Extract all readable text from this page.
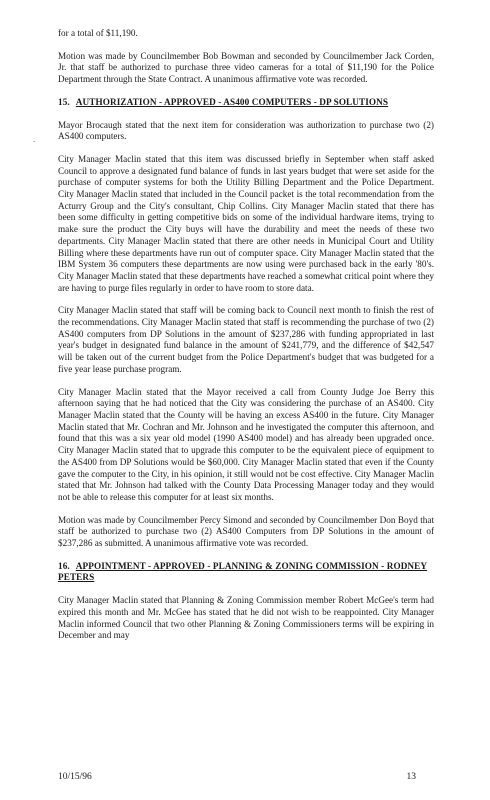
.

for a total of $11,190.

Motion was made by Councilmember Bob Bowman and seconded by Councilmember Jack Corden, Jr. that staff be authorized to purchase three video cameras for a total of $11,190 for the Police Department through the State Contract. A unanimous affirmative vote was recorded.

15. AUTHORIZATION - APPROVED - AS400 COMPUTERS - DP SOLUTIONS

Mayor Brocaugh stated that the next item for consideration was authorization to purchase two (2) AS400 computers.

City Manager Maclin stated that this item was discussed briefly in September when staff asked Council to approve a designated fund balance of funds in last years budget that were set aside for the purchase of computer systems for both the Utility Billing Department and the Police Department. City Manager Maclin stated that included in the Council packet is the total recommendation from the Acturry Group and the City's consultant, Chip Collins. City Manager Maclin stated that there has been some difficulty in getting competitive bids on some of the individual hardware items, trying to make sure the product the City buys will have the durability and meet the needs of these two departments. City Manager Maclin stated that there are other needs in Municipal Court and Utility Billing where these departments have run out of computer space. City Manager Maclin stated that the IBM System 36 computers these departments are now using were purchased back in the early '80's. City Manager Maclin stated that these departments have reached a somewhat critical point where they are having to purge files regularly in order to have room to store data.

City Manager Maclin stated that staff will be coming back to Council next month to finish the rest of the recommendations. City Manager Maclin stated that staff is recommending the purchase of two (2) AS400 computers from DP Solutions in the amount of $237,286 with funding appropriated in last year's budget in designated fund balance in the amount of $241,779, and the difference of $42,547 will be taken out of the current budget from the Police Department's budget that was budgeted for a five year lease purchase program.

City Manager Maclin stated that the Mayor received a call from County Judge Joe Berry this afternoon saying that he had noticed that the City was considering the purchase of an AS400. City Manager Maclin stated that the County will be having an excess AS400 in the future. City Manager Maclin stated that Mr. Cochran and Mr. Johnson and he investigated the computer this afternoon, and found that this was a six year old model (1990 AS400 model) and has already been upgraded once. City Manager Maclin stated that to upgrade this computer to be the equivalent piece of equipment to the AS400 from DP Solutions would be $60,000. City Manager Maclin stated that even if the County gave the computer to the City, in his opinion, it still would not be cost effective. City Manager Maclin stated that Mr. Johnson had talked with the County Data Processing Manager today and they would not be able to release this computer for at least six months.

Motion was made by Councilmember Percy Simond and seconded by Councilmember Don Boyd that staff be authorized to purchase two (2) AS400 Computers from DP Solutions in the amount of $237,286 as submitted. A unanimous affirmative vote was recorded.

16. APPOINTMENT - APPROVED - PLANNING & ZONING COMMISSION - RODNEY PETERS

City Manager Maclin stated that Planning & Zoning Commission member Robert McGee's term had expired this month and Mr. McGee has stated that he did not wish to be reappointed. City Manager Maclin informed Council that two other Planning & Zoning Commissioners terms will be expiring in December and may

10/15/96	13
